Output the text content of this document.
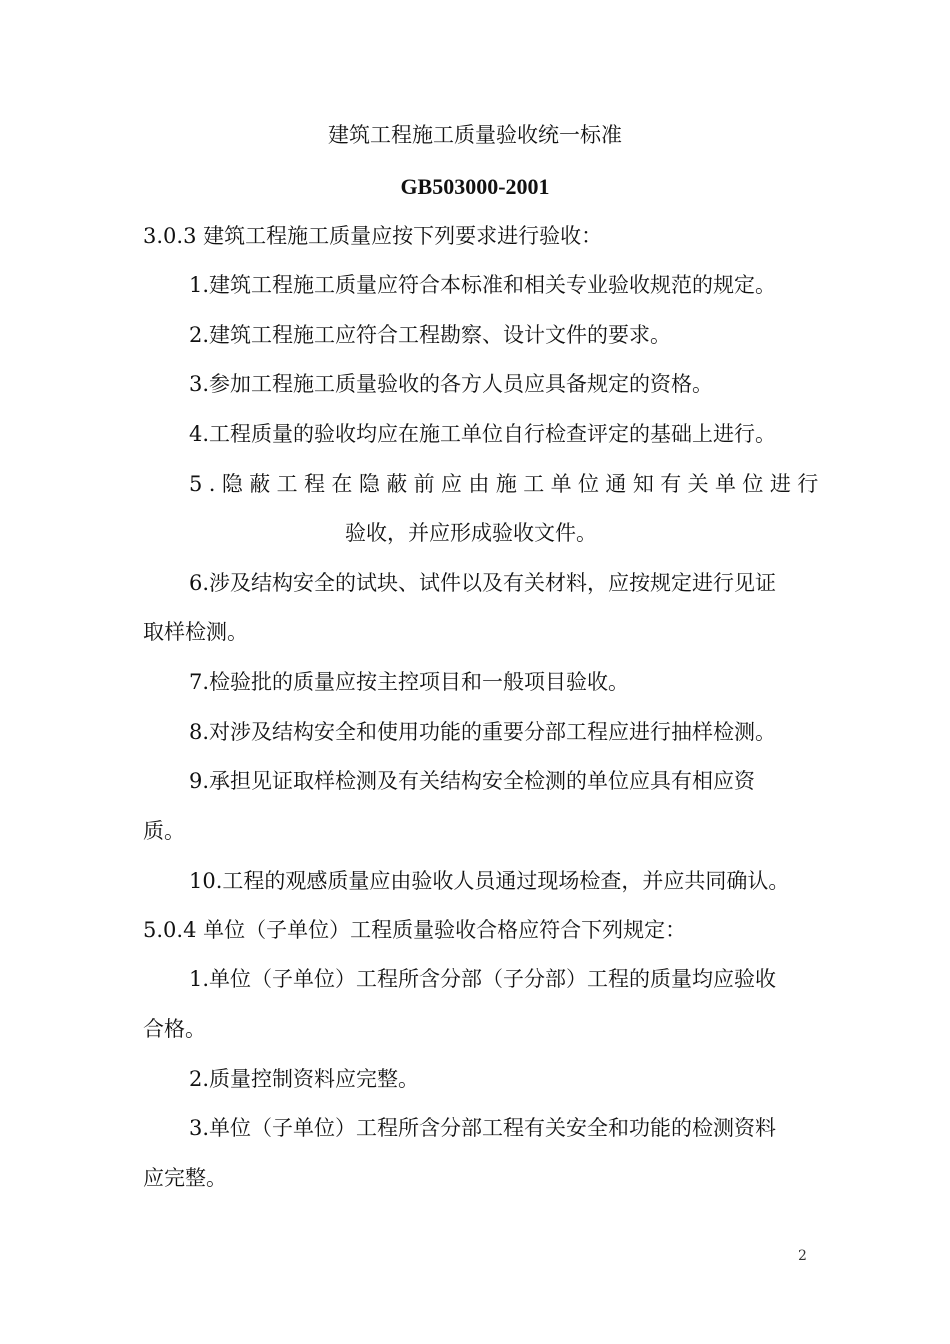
建筑工程施工质量验收统一标准
GB503000-2001
3.0.3 建筑工程施工质量应按下列要求进行验收：
1.建筑工程施工质量应符合本标准和相关专业验收规范的规定。
2.建筑工程施工应符合工程勘察、设计文件的要求。
3.参加工程施工质量验收的各方人员应具备规定的资格。
4.工程质量的验收均应在施工单位自行检查评定的基础上进行。
5.隐蔽工程在隐蔽前应由施工单位通知有关单位进行
验收，并应形成验收文件。
6.涉及结构安全的试块、试件以及有关材料，应按规定进行见证
取样检测。
7.检验批的质量应按主控项目和一般项目验收。
8.对涉及结构安全和使用功能的重要分部工程应进行抽样检测。
9.承担见证取样检测及有关结构安全检测的单位应具有相应资
质。
10.工程的观感质量应由验收人员通过现场检查，并应共同确认。
5.0.4 单位（子单位）工程质量验收合格应符合下列规定：
1.单位（子单位）工程所含分部（子分部）工程的质量均应验收
合格。
2.质量控制资料应完整。
3.单位（子单位）工程所含分部工程有关安全和功能的检测资料
应完整。
2
